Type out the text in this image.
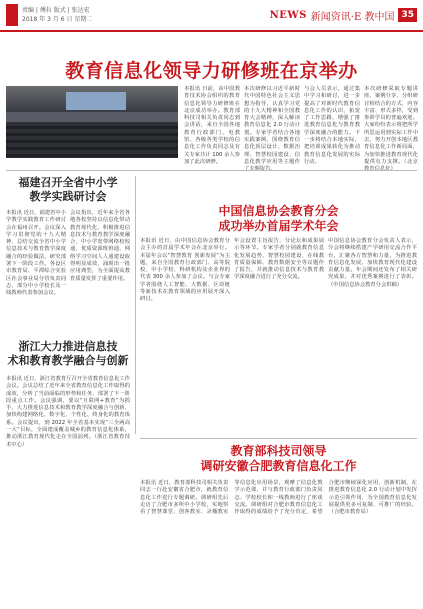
责编 | 傅拉 版式 | 张达宏
2018 年 3 月 6 日 星期二	NEWS 新闻资讯·E 教中国 35
教育信息化领导力研修班在京举办
本报讯 日前，由中国教育技术协会组织的教育信息化领导力研修班在北京成功举办。教育部科技司相关负责同志到会讲话，来自全国各地教育行政部门、电教馆、各级各类学校的信息化工作负责同志及有关专家共计 100 余人参加了此次研修。
本次研修以习近平新时代中国特色社会主义思想为指导，认真学习党的十九大精神和全国教育大会精神，深入解读教育信息化 2.0 行动计划。专家学者结合各地实践案例，围绕教育信息化顶层设计、数据治理、智慧校园建设、信息化教学应用等主题作
与会人员表示，通过集中学习和研讨，进一步提高了对新时代教育信息化工作的认识，拓宽了工作思路，增强了推进教育信息化与教育教学深度融合的能力。下一步将结合本地实际，把培训成果转化为推动教育信息化发展的实际行动。
本次研修采取专题讲座、案例分享、分组研讨相结合的方式，内容丰富、形式多样，受到参训学员的普遍欢迎。大家纷纷表示将把所学所思运用到实际工作中去，努力开创本地区教育信息化工作新局面，为加快推进教育现代化提供有力支撑。（北京
福建召开全省中小学
教学实践研讨会
本报讯 近日，福建省中小学教学实践教育工作研讨会在福州召开。会议深入学习贯彻党的十九大精神，总结交流全省中小学信息技术与教育教学深度融合的经验做法，研究部署下一阶段工作。各设区市教育局、平潭综合实验区社会事业局分管负责同志，部分中小学校长及一线教师代表参加会议。
会议指出，近年来全省各地各校坚持以信息化带动教育现代化，积极推进信息技术与教育教学深度融合，中小学宽带网络校校通、优质资源班班通、网络学习空间人人通建设取得明显成效，涌现出一批应用典型，为全面提高教育质量发挥了重要作用。
中国信息协会教育分会
成功举办首届学术年会
本报讯 近日，由中国信息协会教育分会主办的首届学术年会在北京举行。本届年会以“智慧教育 创新发展”为主题，来自全国教育行政部门、高等院校、中小学校、科研机构及企业界的代表 300 余人参加了会议。与会专家学者围绕人工智能、大数据、区块链等新技术在教育领域的应用展开深入研讨。
年会设置主旨报告、分论坛和成果展示等环节。专家学者分别就教育信息化发展趋势、智慧校园建设、在线教育质量保障、教育数据安全等议题作了报告，并就推动信息技术与教育教学深度融合进行了充分交流。
中国信息协会教育分会负责人表示，分会将继续搭建产学研用交流合作平台，汇聚各方智慧和力量，为推进教育信息化发展、加快教育现代化建设贡献力量。年会期间还发布了相关研究成果，并对优秀案例进行了表彰。（中国信息协会教育分会供稿）
浙江大力推进信息技
术和教育教学融合与创新
本报讯 近日，浙江省教育厅召开全省教育信息化工作会议。会议总结了近年来全省教育信息化工作取得的成效，分析了当前面临的形势和任务，部署了下一阶段重点工作。会议强调，要以“互联网+教育”为抓手，大力推进信息技术和教育教学深度融合与创新，加快构建网络化、数字化、个性化、终身化的教育体系。会议提出，到 2022 年全省基本实现“三全两高一大”目标，全面建成覆盖城乡的教育信息化体系，推动浙江教育现代化走在全国前列。（浙江省教育技术中心）	教育部科技司领导
调研安徽合肥教育信息化工作
本报讯 近日，教育部科技司相关负责同志一行赴安徽省合肥市，就教育信息化工作进行专题调研。调研组先后走访了合肥市多所中小学校，实地察看了智慧课堂、创客教室、录播教室等信息化应用场景，观摩了信息化教学示范课，并与教育行政部门负责同志、学校校长和一线教师进行了座谈交流。调研组对合肥市教育信息化工作取得的成绩给予了充分肯定，希望合肥市继续深化应用、创新机制，在推进教育信息化 2.0 行动计划中发挥示范引领作用，为全国教育信息化发展提供更多可复制、可推广的经验。（合肥市教育局）
